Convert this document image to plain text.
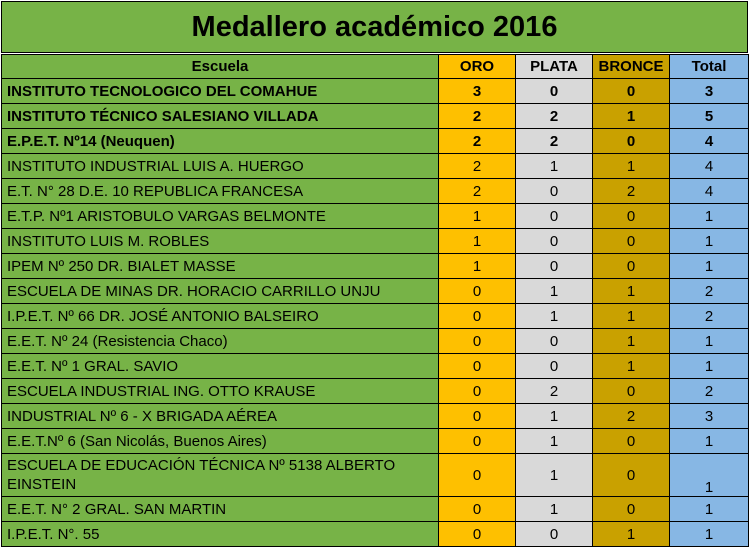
Medallero académico 2016
Escuela	ORO	PLATA	BRONCE	Total
INSTITUTO TECNOLOGICO DEL COMAHUE	3	0	0	3
INSTITUTO TÉCNICO SALESIANO VILLADA	2	2	1	5
E.P.E.T. Nº14 (Neuquen)	2	2	0	4
INSTITUTO INDUSTRIAL LUIS A. HUERGO	2	1	1	4
E.T. N° 28 D.E. 10 REPUBLICA FRANCESA	2	0	2	4
E.T.P. Nº1 ARISTOBULO VARGAS BELMONTE	1	0	0	1
INSTITUTO LUIS M. ROBLES	1	0	0	1
IPEM Nº 250 DR. BIALET MASSE	1	0	0	1
ESCUELA DE MINAS DR. HORACIO CARRILLO UNJU	0	1	1	2
I.P.E.T. Nº 66 DR. JOSÉ ANTONIO BALSEIRO	0	1	1	2
E.E.T. Nº 24 (Resistencia Chaco)	0	0	1	1
E.E.T. Nº 1 GRAL. SAVIO	0	0	1	1
ESCUELA INDUSTRIAL ING. OTTO KRAUSE	0	2	0	2
INDUSTRIAL Nº 6 - X BRIGADA AÉREA	0	1	2	3
E.E.T.Nº 6 (San Nicolás, Buenos Aires)	0	1	0	1
ESCUELA DE EDUCACIÓN TÉCNICA Nº 5138 ALBERTO EINSTEIN	0	1	0	1
E.E.T. N° 2 GRAL. SAN MARTIN	0	1	0	1
I.P.E.T. N°. 55	0	0	1	1
